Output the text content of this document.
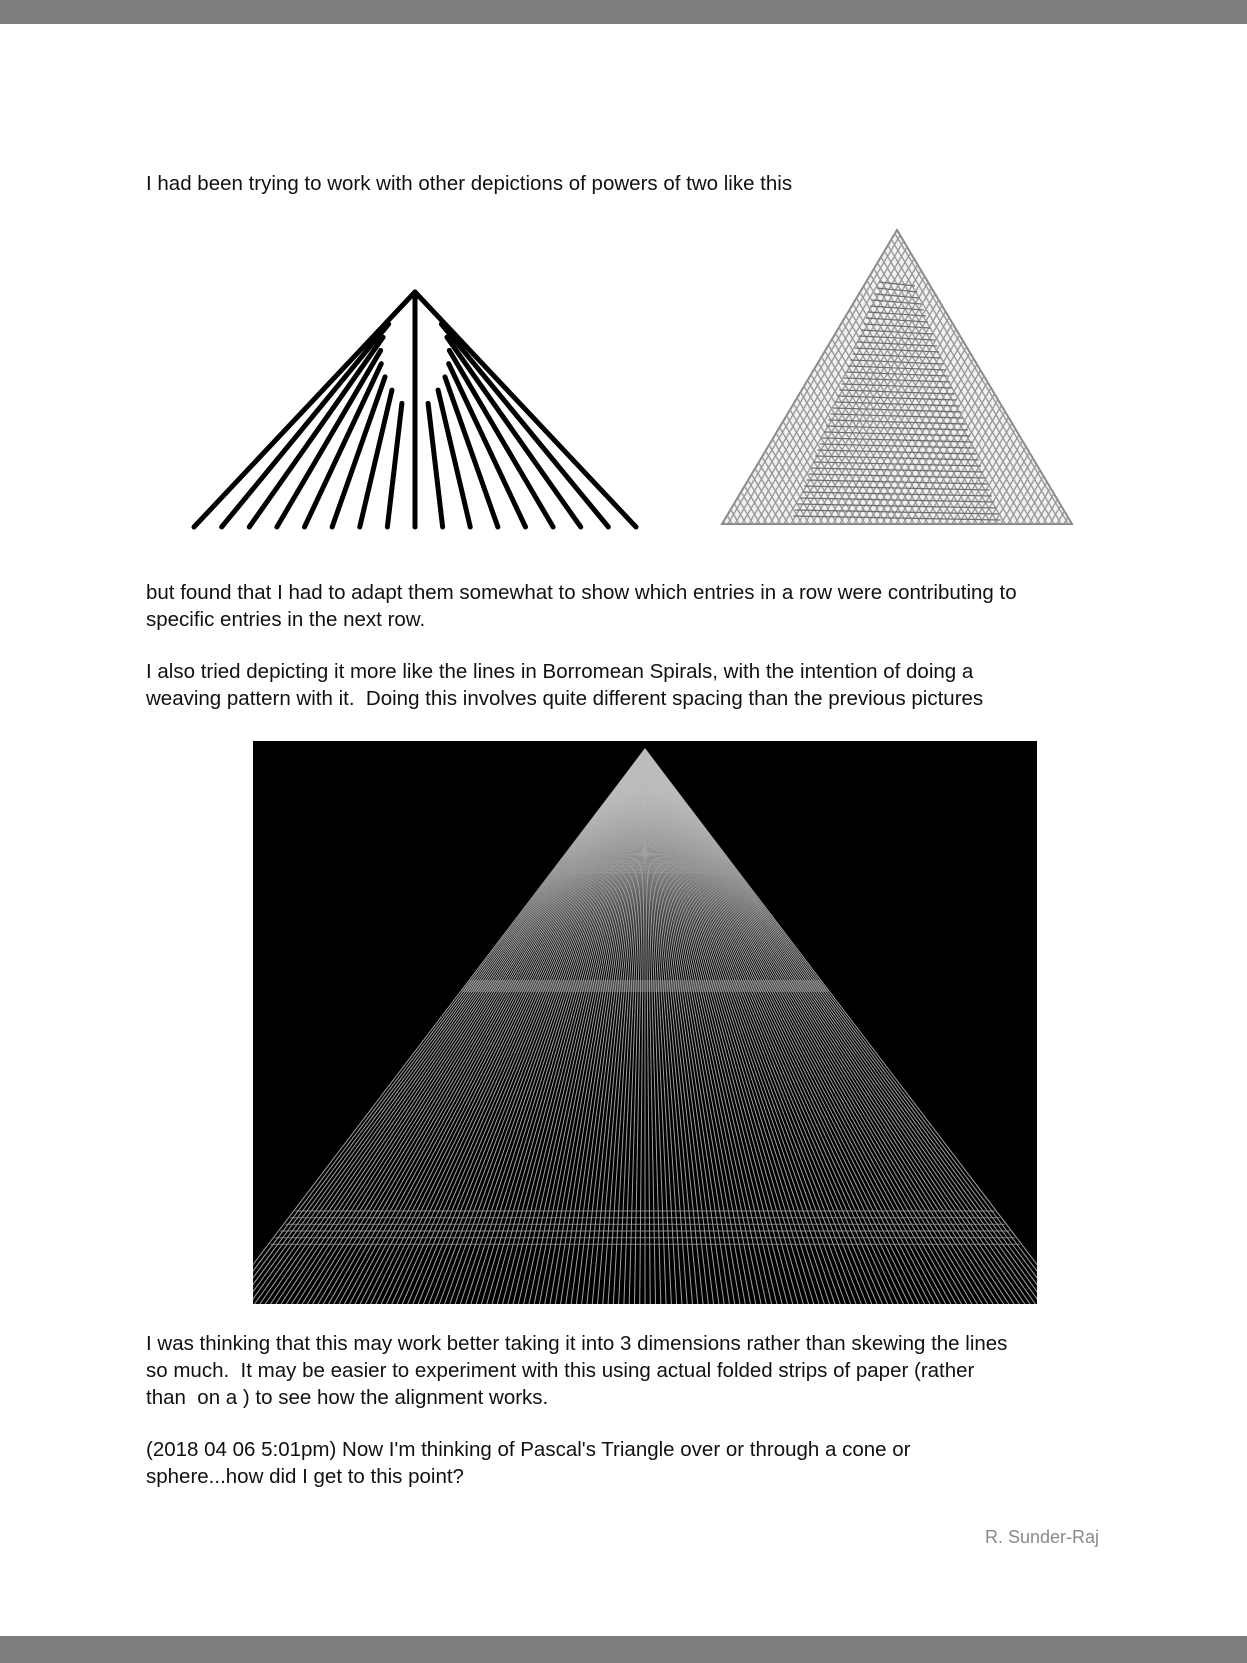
I had been trying to work with other depictions of powers of two like this

but found that I had to adapt them somewhat to show which entries in a row were contributing to
specific entries in the next row.

I also tried depicting it more like the lines in Borromean Spirals, with the intention of doing a
weaving pattern with it.  Doing this involves quite different spacing than the previous pictures

I was thinking that this may work better taking it into 3 dimensions rather than skewing the lines
so much.  It may be easier to experiment with this using actual folded strips of paper (rather
than  on a ) to see how the alignment works.

(2018 04 06 5:01pm) Now I'm thinking of Pascal's Triangle over or through a cone or
sphere...how did I get to this point?

R. Sunder-Raj
